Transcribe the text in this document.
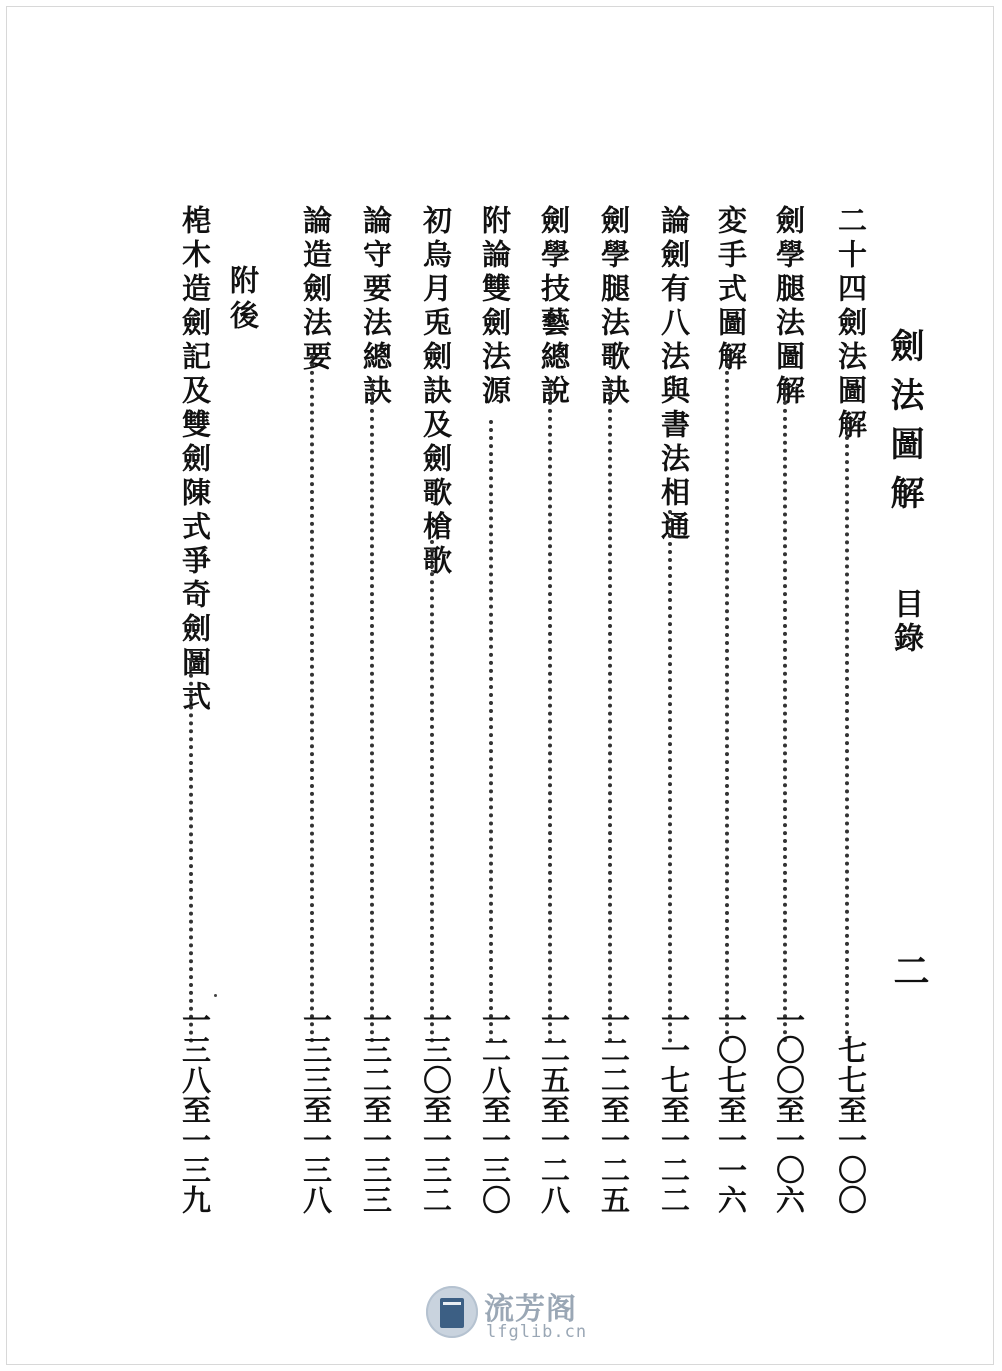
劍法圖解
目錄
二
二十四劍法圖解
七七至一〇〇
劍學腿法圖解
一〇〇至一〇六
変手式圖解
一〇七至一一六
論劍有八法與書法相通
一一七至一二二
劍學腿法歌訣
一二二至一二五
劍學技藝總說
一二五至一二八
附論雙劍法源
一二八至一三〇
初烏月兎劍訣及劍歌槍歌
一三〇至一三二
論守要法總訣
一三二至一三三
論造劍法要
一三三至一三八
附後
梍木造劍記及雙劍陳式爭奇劍圖式
一三八至一三九
流芳阁
lfglib.cn
